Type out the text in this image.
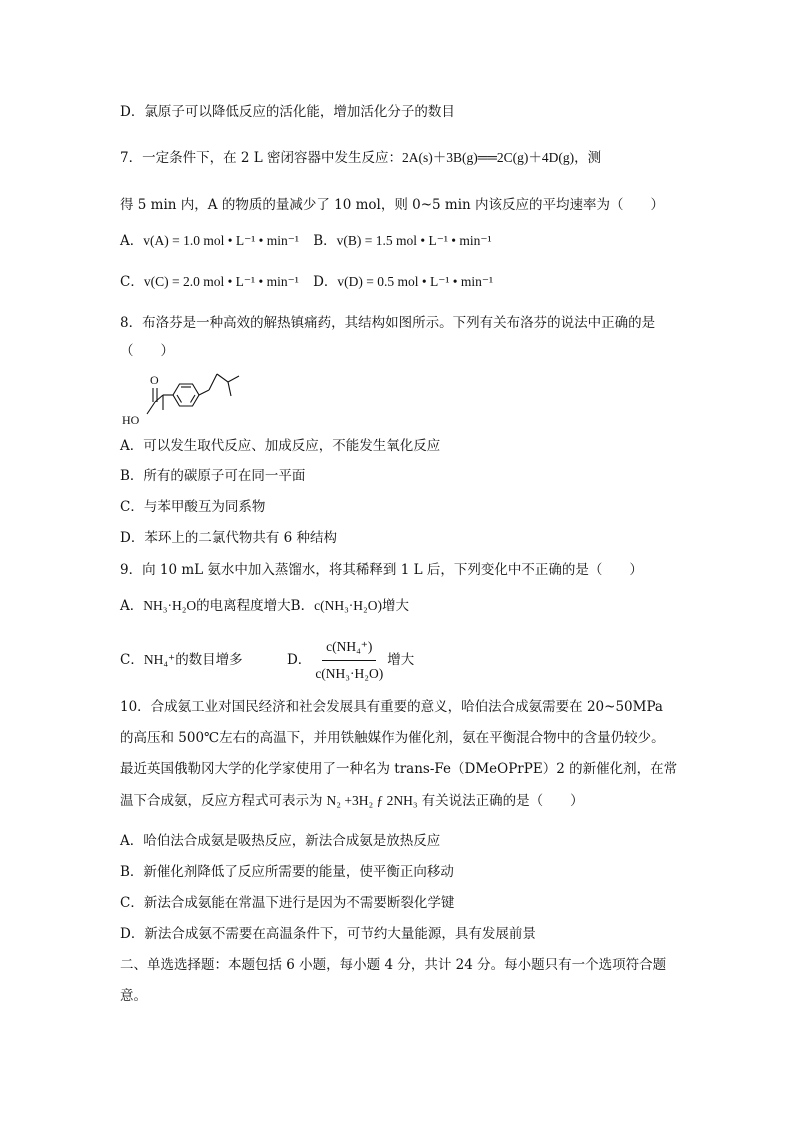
D．氯原子可以降低反应的活化能，增加活化分子的数目
7．一定条件下，在 2 L 密闭容器中发生反应：2A(s)＋3B(g)══2C(g)＋4D(g)，测
得 5 min 内，A 的物质的量减少了 10 mol，则 0~5 min 内该反应的平均速率为（　　）
A．v(A) = 1.0 mol • L⁻¹ • min⁻¹ B．v(B) = 1.5 mol • L⁻¹ • min⁻¹
C．v(C) = 2.0 mol • L⁻¹ • min⁻¹ D．v(D) = 0.5 mol • L⁻¹ • min⁻¹
8．布洛芬是一种高效的解热镇痛药，其结构如图所示。下列有关布洛芬的说法中正确的是
（　　）
O
HO
A．可以发生取代反应、加成反应，不能发生氧化反应
B．所有的碳原子可在同一平面
C．与苯甲酸互为同系物
D．苯环上的二氯代物共有 6 种结构
9．向 10 mL 氨水中加入蒸馏水，将其稀释到 1 L 后，下列变化中不正确的是（　　）
A．NH₃·H₂O的电离程度增大B．c(NH₃·H₂O)增大
C．NH₄⁺的数目增多	D． $\frac{\text{c(NH₄⁺)}}{\text{c(NH₃·H₂O)}}$ 增大
10．合成氨工业对国民经济和社会发展具有重要的意义，哈伯法合成氨需要在 20~50MPa
的高压和 500℃左右的高温下，并用铁触媒作为催化剂，氨在平衡混合物中的含量仍较少。
最近英国俄勒冈大学的化学家使用了一种名为 trans-Fe（DMeOPrPE）2 的新催化剂，在常
温下合成氨，反应方程式可表示为 N₂ +3H₂ ƒ 2NH₃ 有关说法正确的是（　　）
A．哈伯法合成氨是吸热反应，新法合成氨是放热反应
B．新催化剂降低了反应所需要的能量，使平衡正向移动
C．新法合成氨能在常温下进行是因为不需要断裂化学键
D．新法合成氨不需要在高温条件下，可节约大量能源，具有发展前景
二、单选选择题：本题包括 6 小题，每小题 4 分，共计 24 分。每小题只有一个选项符合题
意。
